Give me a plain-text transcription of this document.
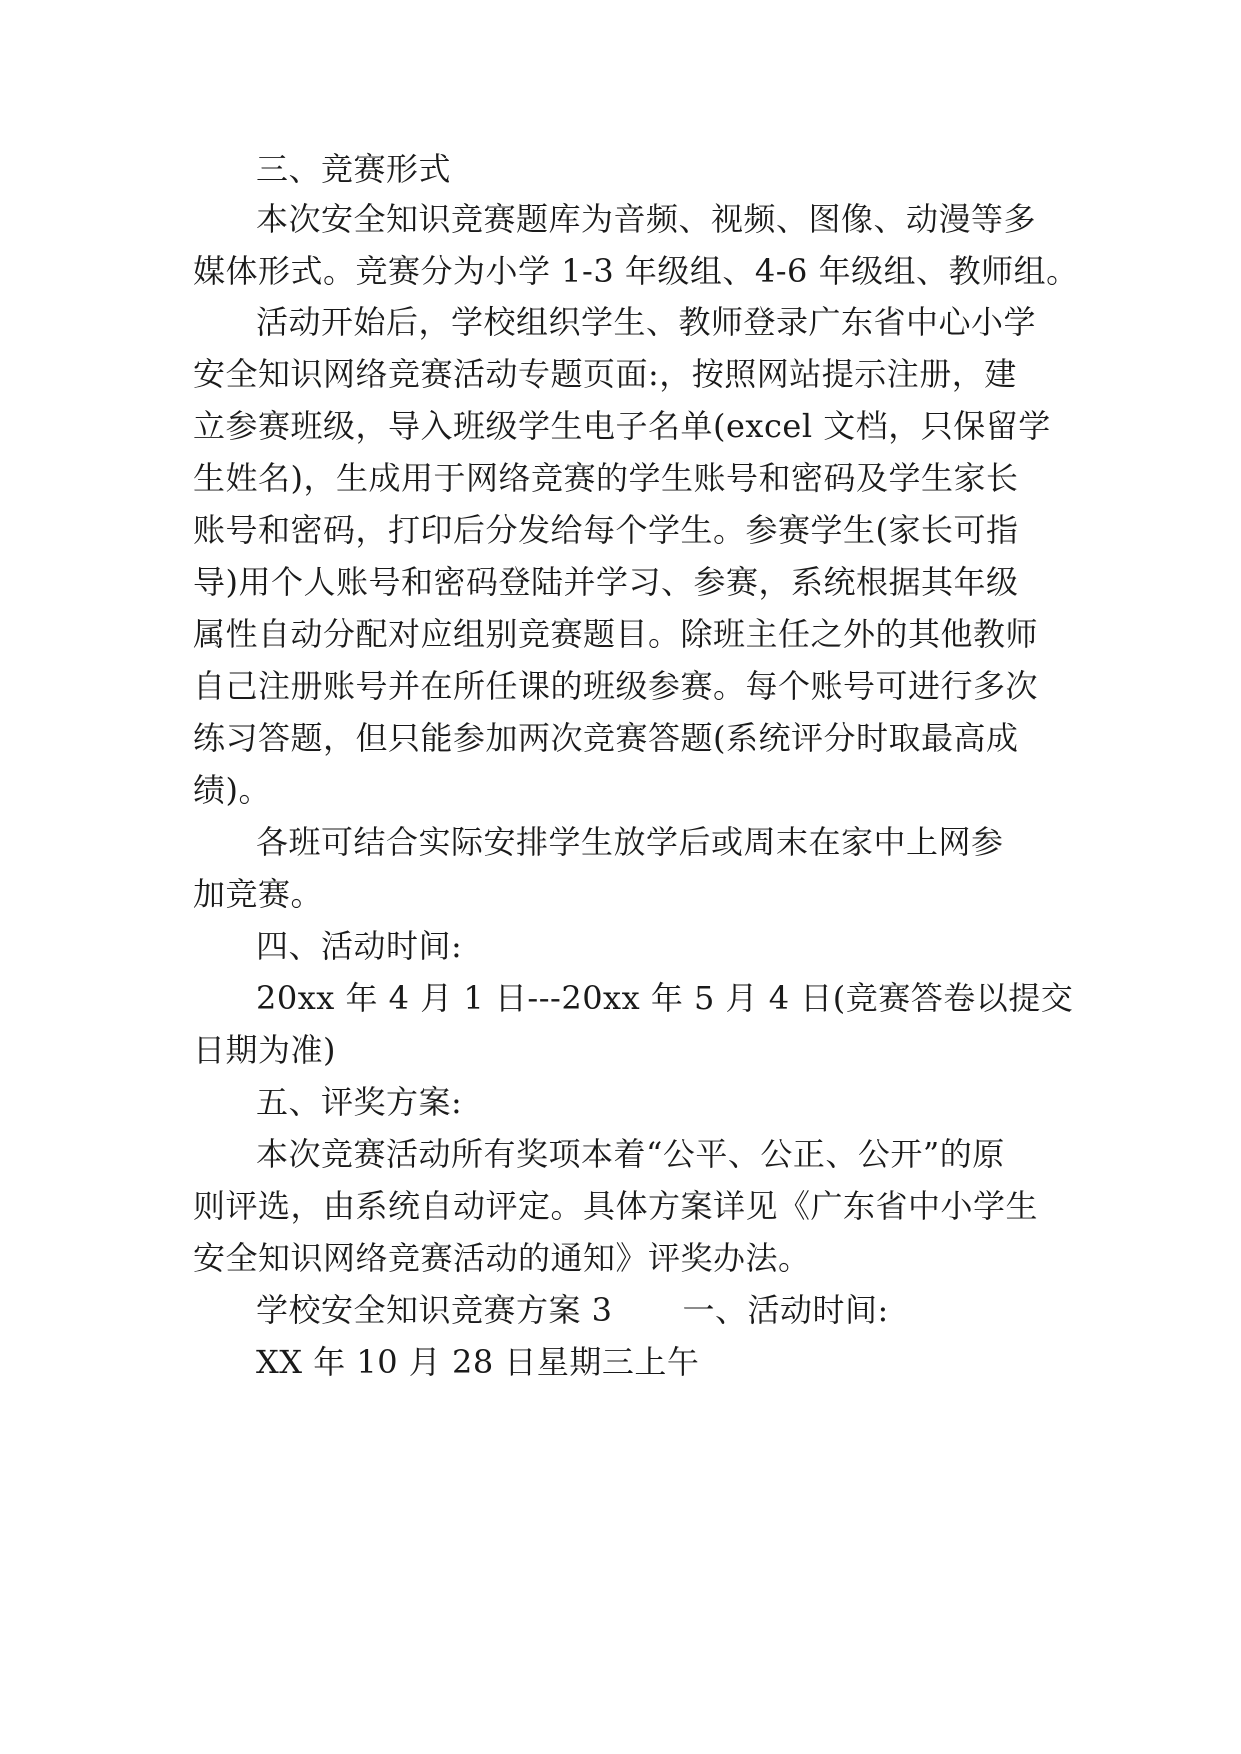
三、竞赛形式
本次安全知识竞赛题库为音频、视频、图像、动漫等多
媒体形式。竞赛分为小学 1-3 年级组、4-6 年级组、教师组。
活动开始后，学校组织学生、教师登录广东省中心小学
安全知识网络竞赛活动专题页面:，按照网站提示注册，建
立参赛班级，导入班级学生电子名单(excel 文档，只保留学
生姓名)，生成用于网络竞赛的学生账号和密码及学生家长
账号和密码，打印后分发给每个学生。参赛学生(家长可指
导)用个人账号和密码登陆并学习、参赛，系统根据其年级
属性自动分配对应组别竞赛题目。除班主任之外的其他教师
自己注册账号并在所任课的班级参赛。每个账号可进行多次
练习答题，但只能参加两次竞赛答题(系统评分时取最高成
绩)。
各班可结合实际安排学生放学后或周末在家中上网参
加竞赛。
四、活动时间:
20xx 年 4 月 1 日---20xx 年 5 月 4 日(竞赛答卷以提交
日期为准)
五、评奖方案:
本次竞赛活动所有奖项本着“公平、公正、公开”的原
则评选，由系统自动评定。具体方案详见《广东省中小学生
安全知识网络竞赛活动的通知》评奖办法。
学校安全知识竞赛方案 3 一、活动时间:
XX 年 10 月 28 日星期三上午
